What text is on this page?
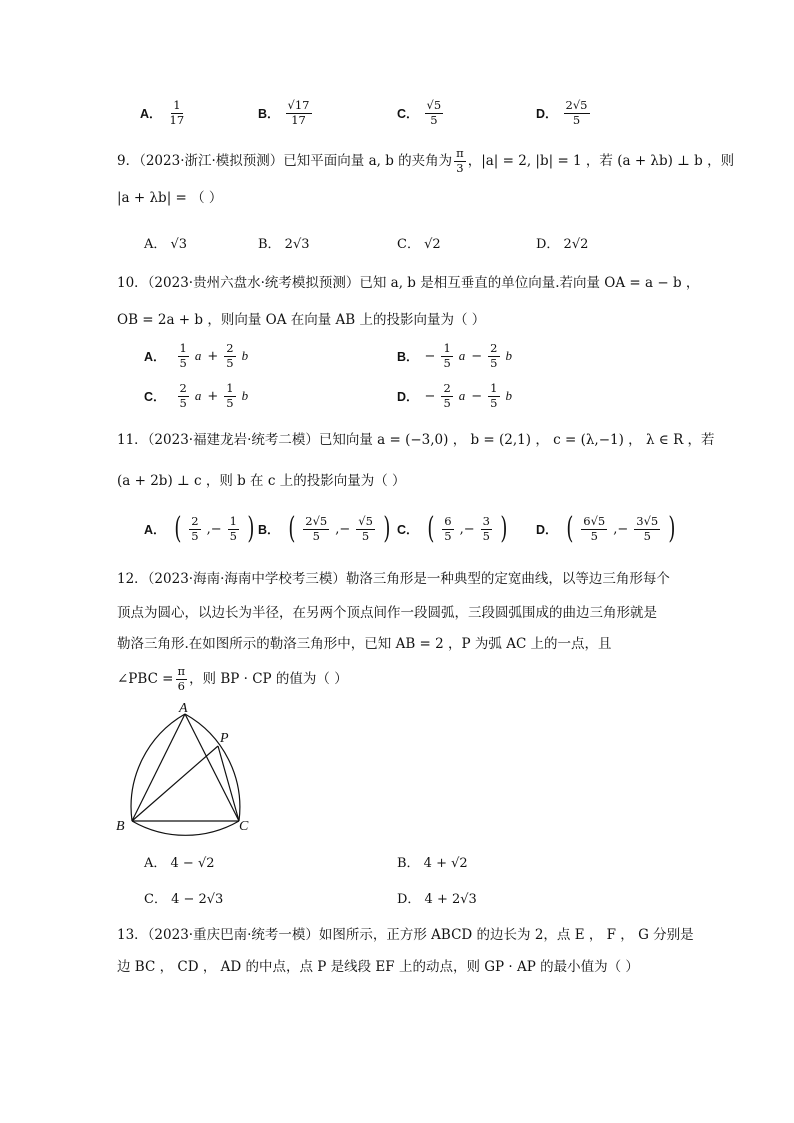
A． $\frac{1}{17}$	B． $\frac{√17}{17}$	C． $\frac{√5}{5}$	D． $\frac{2√5}{5}$
9．（2023·浙江·模拟预测）已知平面向量 a, b 的夹角为 $\frac{\pi}{3}$ ，|a| = 2, |b| = 1 ，若 (a + λb) ⊥ b ，则
|a + λb| = （ ）
A． √3	B． 2√3	C． √2	D． 2√2
10．（2023·贵州六盘水·统考模拟预测）已知 a, b 是相互垂直的单位向量.若向量 OA = a − b ，
OB = 2a + b ，则向量 OA 在向量 AB 上的投影向量为（ ）
A． $\frac{1}{5}$ $a + \frac{2}{5}$ b	B． − $\frac{1}{5}$ $a - \frac{2}{5}$ b
C． $\frac{2}{5}$ $a + \frac{1}{5}$ b	D． − $\frac{2}{5}$ $a - \frac{1}{5}$ b
11．（2023·福建龙岩·统考二模）已知向量 a = (−3,0) ， b = (2,1) ， c = (λ,−1) ， λ ∈ R ，若
(a + 2b) ⊥ c ，则 b 在 c 上的投影向量为（ ）
A． ( $\frac{2}{5}$ ,− $\frac{1}{5}$ ) B． ( $\frac{2√5}{5}$ ,− $\frac{√5}{5}$ ) C． ( $\frac{6}{5}$ ,− $\frac{3}{5}$ ) D． ( $\frac{6√5}{5}$ ,− $\frac{3√5}{5}$ )
12．（2023·海南·海南中学校考三模）勒洛三角形是一种典型的定宽曲线，以等边三角形每个
顶点为圆心，以边长为半径，在另两个顶点间作一段圆弧，三段圆弧围成的曲边三角形就是
勒洛三角形.在如图所示的勒洛三角形中，已知 AB = 2 ，P 为弧 AC 上的一点，且
∠PBC = $\frac{\pi}{6}$ ，则 BP · CP 的值为（ ）
A
B	C
P
A． 4 − √2	B． 4 + √2
C． 4 − 2√3	D． 4 + 2√3
13．（2023·重庆巴南·统考一模）如图所示，正方形 ABCD 的边长为 2，点 E ， F ， G 分别是
边 BC ， CD ， AD 的中点，点 P 是线段 EF 上的动点，则 GP · AP 的最小值为（ ）
